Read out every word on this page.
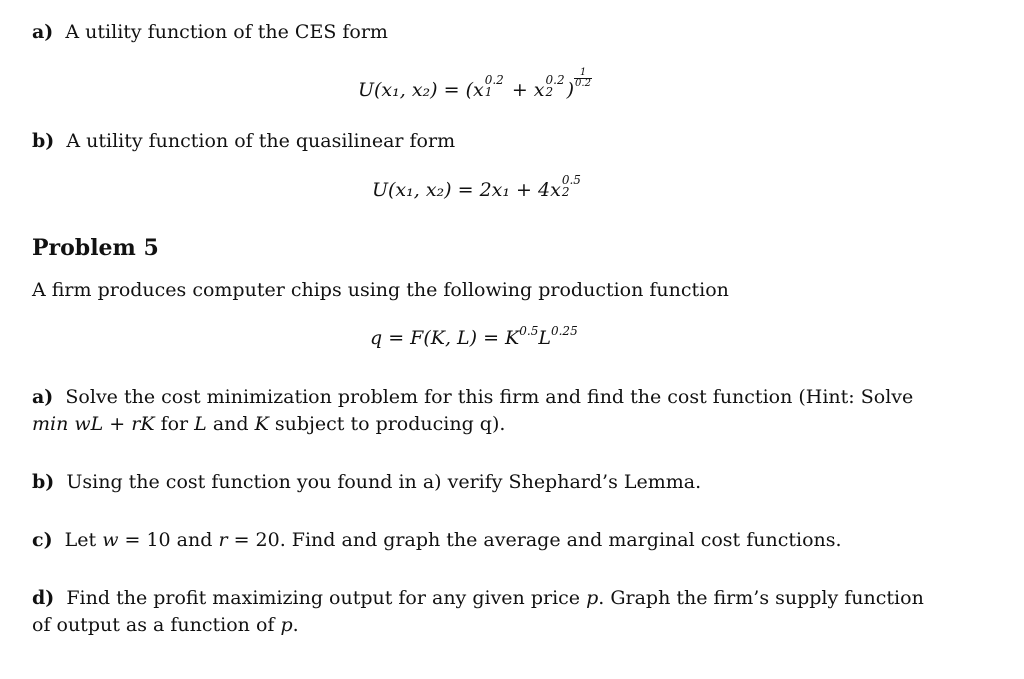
a) A utility function of the CES form
U(x₁, x₂) = (x 0.2
1 + x 0.2
2 )
$\frac{1}{0.2}$
b) A utility function of the quasilinear form
U(x₁, x₂) = 2x₁ + 4x 0.5
2
Problem 5
A firm produces computer chips using the following production function
q = F(K, $L) = K^{0.5}L^{0.25}$
a) Solve the cost minimization problem for this firm and find the cost function (Hint: Solve
min wL + rK for L and K subject to producing q).
b) Using the cost function you found in a) verify Shephard’s Lemma.
c) Let w = 10 and r = 20. Find and graph the average and marginal cost functions.
d) Find the profit maximizing output for any given price p. Graph the firm’s supply function
of output as a function of p.
